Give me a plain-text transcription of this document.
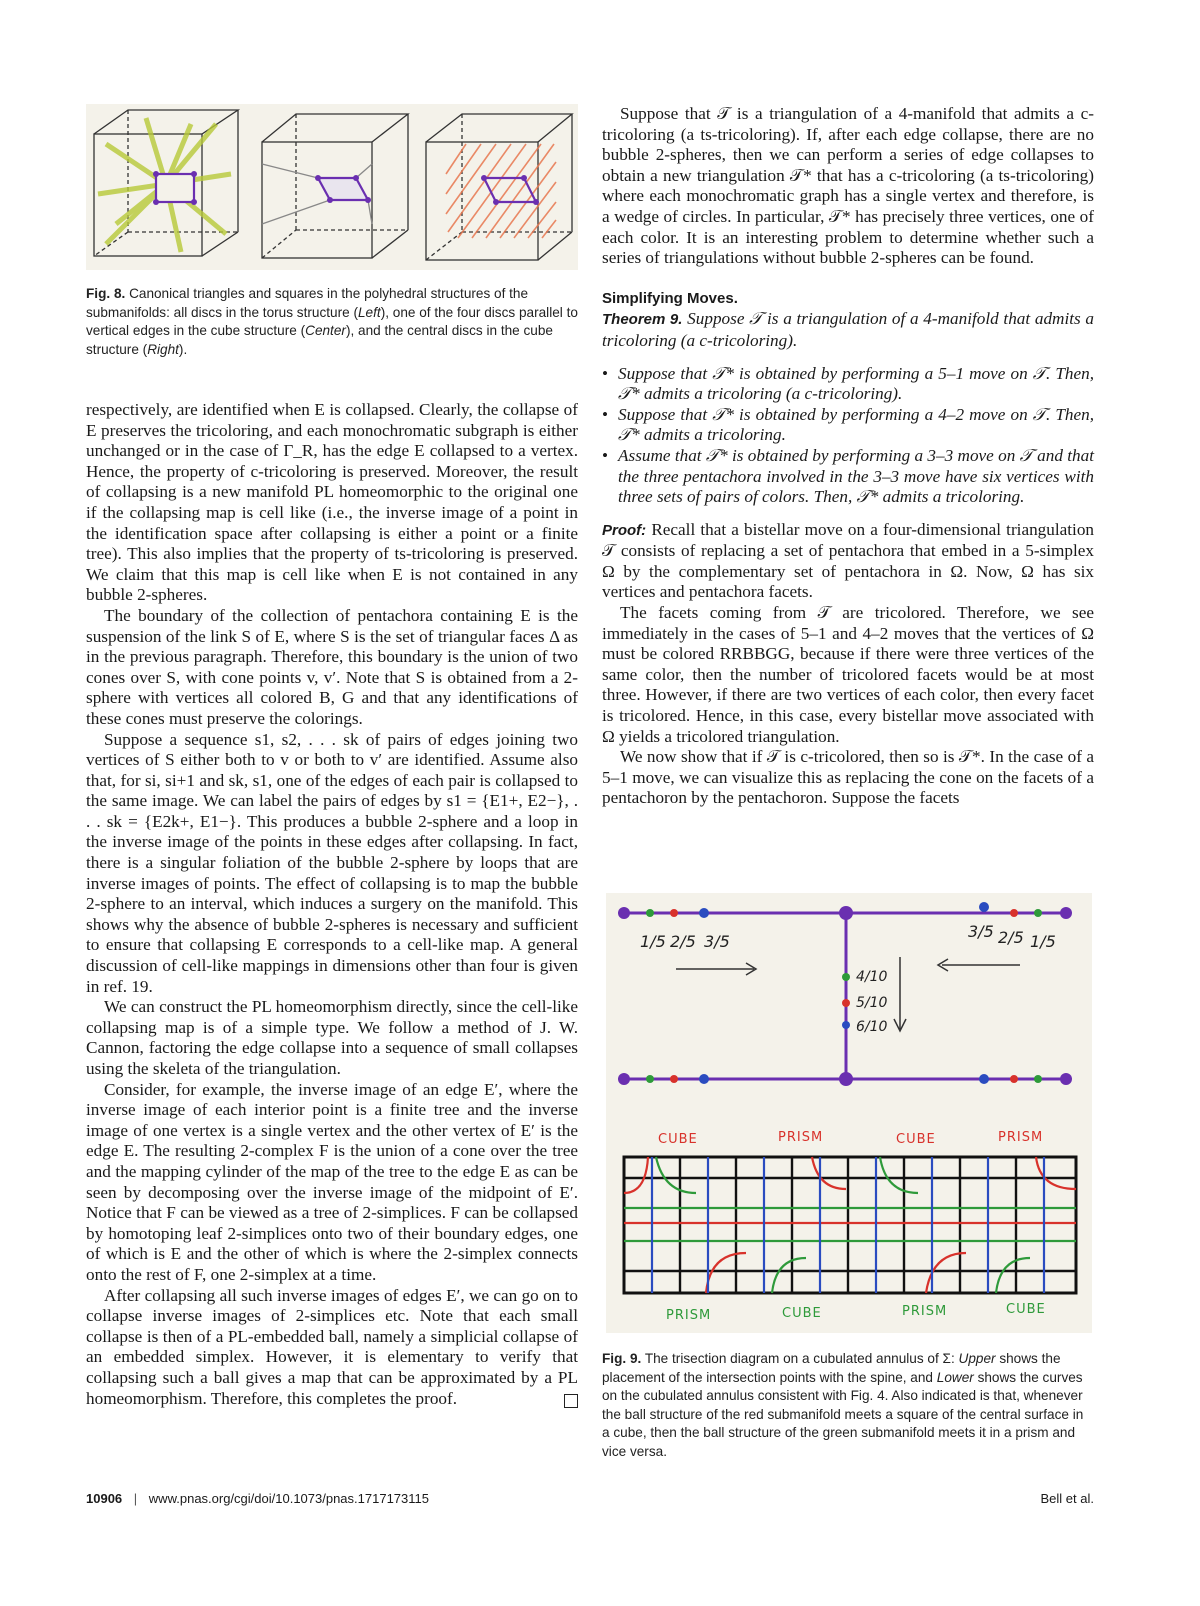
Fig. 8. Canonical triangles and squares in the polyhedral structures of the submanifolds: all discs in the torus structure (Left), one of the four discs parallel to vertical edges in the cube structure (Center), and the central discs in the cube structure (Right).

respectively, are identified when E is collapsed. Clearly, the collapse of E preserves the tricoloring, and each monochromatic subgraph is either unchanged or in the case of Γ_R, has the edge E collapsed to a vertex. Hence, the property of c-tricoloring is preserved. Moreover, the result of collapsing is a new manifold PL homeomorphic to the original one if the collapsing map is cell like (i.e., the inverse image of a point in the identification space after collapsing is either a point or a finite tree). This also implies that the property of ts-tricoloring is preserved. We claim that this map is cell like when E is not contained in any bubble 2-spheres.

The boundary of the collection of pentachora containing E is the suspension of the link S of E, where S is the set of triangular faces Δ as in the previous paragraph. Therefore, this boundary is the union of two cones over S, with cone points v, v′. Note that S is obtained from a 2-sphere with vertices all colored B, G and that any identifications of these cones must preserve the colorings.

Suppose a sequence s1, s2, . . . sk of pairs of edges joining two vertices of S either both to v or both to v′ are identified. Assume also that, for si, si+1 and sk, s1, one of the edges of each pair is collapsed to the same image. We can label the pairs of edges by s1 = {E1+, E2−}, . . . sk = {E2k+, E1−}. This produces a bubble 2-sphere and a loop in the inverse image of the points in these edges after collapsing. In fact, there is a singular foliation of the bubble 2-sphere by loops that are inverse images of points. The effect of collapsing is to map the bubble 2-sphere to an interval, which induces a surgery on the manifold. This shows why the absence of bubble 2-spheres is necessary and sufficient to ensure that collapsing E corresponds to a cell-like map. A general discussion of cell-like mappings in dimensions other than four is given in ref. 19.

We can construct the PL homeomorphism directly, since the cell-like collapsing map is of a simple type. We follow a method of J. W. Cannon, factoring the edge collapse into a sequence of small collapses using the skeleta of the triangulation.

Consider, for example, the inverse image of an edge E′, where the inverse image of each interior point is a finite tree and the inverse image of one vertex is a single vertex and the other vertex of E′ is the edge E. The resulting 2-complex F is the union of a cone over the tree and the mapping cylinder of the map of the tree to the edge E as can be seen by decomposing over the inverse image of the midpoint of E′. Notice that F can be viewed as a tree of 2-simplices. F can be collapsed by homotoping leaf 2-simplices onto two of their boundary edges, one of which is E and the other of which is where the 2-simplex connects onto the rest of F, one 2-simplex at a time.

After collapsing all such inverse images of edges E′, we can go on to collapse inverse images of 2-simplices etc. Note that each small collapse is then of a PL-embedded ball, namely a simplicial collapse of an embedded simplex. However, it is elementary to verify that collapsing such a ball gives a map that can be approximated by a PL homeomorphism. Therefore, this completes the proof.

Suppose that 𝒯 is a triangulation of a 4-manifold that admits a c-tricoloring (a ts-tricoloring). If, after each edge collapse, there are no bubble 2-spheres, then we can perform a series of edge collapses to obtain a new triangulation 𝒯* that has a c-tricoloring (a ts-tricoloring) where each monochromatic graph has a single vertex and therefore, is a wedge of circles. In particular, 𝒯* has precisely three vertices, one of each color. It is an interesting problem to determine whether such a series of triangulations without bubble 2-spheres can be found.

Simplifying Moves.

Theorem 9. Suppose 𝒯 is a triangulation of a 4-manifold that admits a tricoloring (a c-tricoloring).

• Suppose that 𝒯* is obtained by performing a 5–1 move on 𝒯. Then, 𝒯* admits a tricoloring (a c-tricoloring).
• Suppose that 𝒯* is obtained by performing a 4–2 move on 𝒯. Then, 𝒯* admits a tricoloring.
• Assume that 𝒯* is obtained by performing a 3–3 move on 𝒯 and that the three pentachora involved in the 3–3 move have six vertices with three sets of pairs of colors. Then, 𝒯* admits a tricoloring.

Proof: Recall that a bistellar move on a four-dimensional triangulation 𝒯 consists of replacing a set of pentachora that embed in a 5-simplex Ω by the complementary set of pentachora in Ω. Now, Ω has six vertices and pentachora facets.

The facets coming from 𝒯 are tricolored. Therefore, we see immediately in the cases of 5–1 and 4–2 moves that the vertices of Ω must be colored RRBBGG, because if there were three vertices of the same color, then the number of tricolored facets would be at most three. However, if there are two vertices of each color, then every facet is tricolored. Hence, in this case, every bistellar move associated with Ω yields a tricolored triangulation.

We now show that if 𝒯 is c-tricolored, then so is 𝒯*. In the case of a 5–1 move, we can visualize this as replacing the cone on the facets of a pentachoron by the pentachoron. Suppose the facets

1/5 2/5 3/5
3/5 2/5 1/5
4/10
5/10
6/10
CUBE	PRISM	CUBE	PRISM
PRISM	CUBE	PRISM	CUBE
Fig. 9. The trisection diagram on a cubulated annulus of Σ: Upper shows the placement of the intersection points with the spine, and Lower shows the curves on the cubulated annulus consistent with Fig. 4. Also indicated is that, whenever the ball structure of the red submanifold meets a square of the central surface in a cube, then the ball structure of the green submanifold meets it in a prism and vice versa.
10906 | www.pnas.org/cgi/doi/10.1073/pnas.1717173115	Bell et al.
